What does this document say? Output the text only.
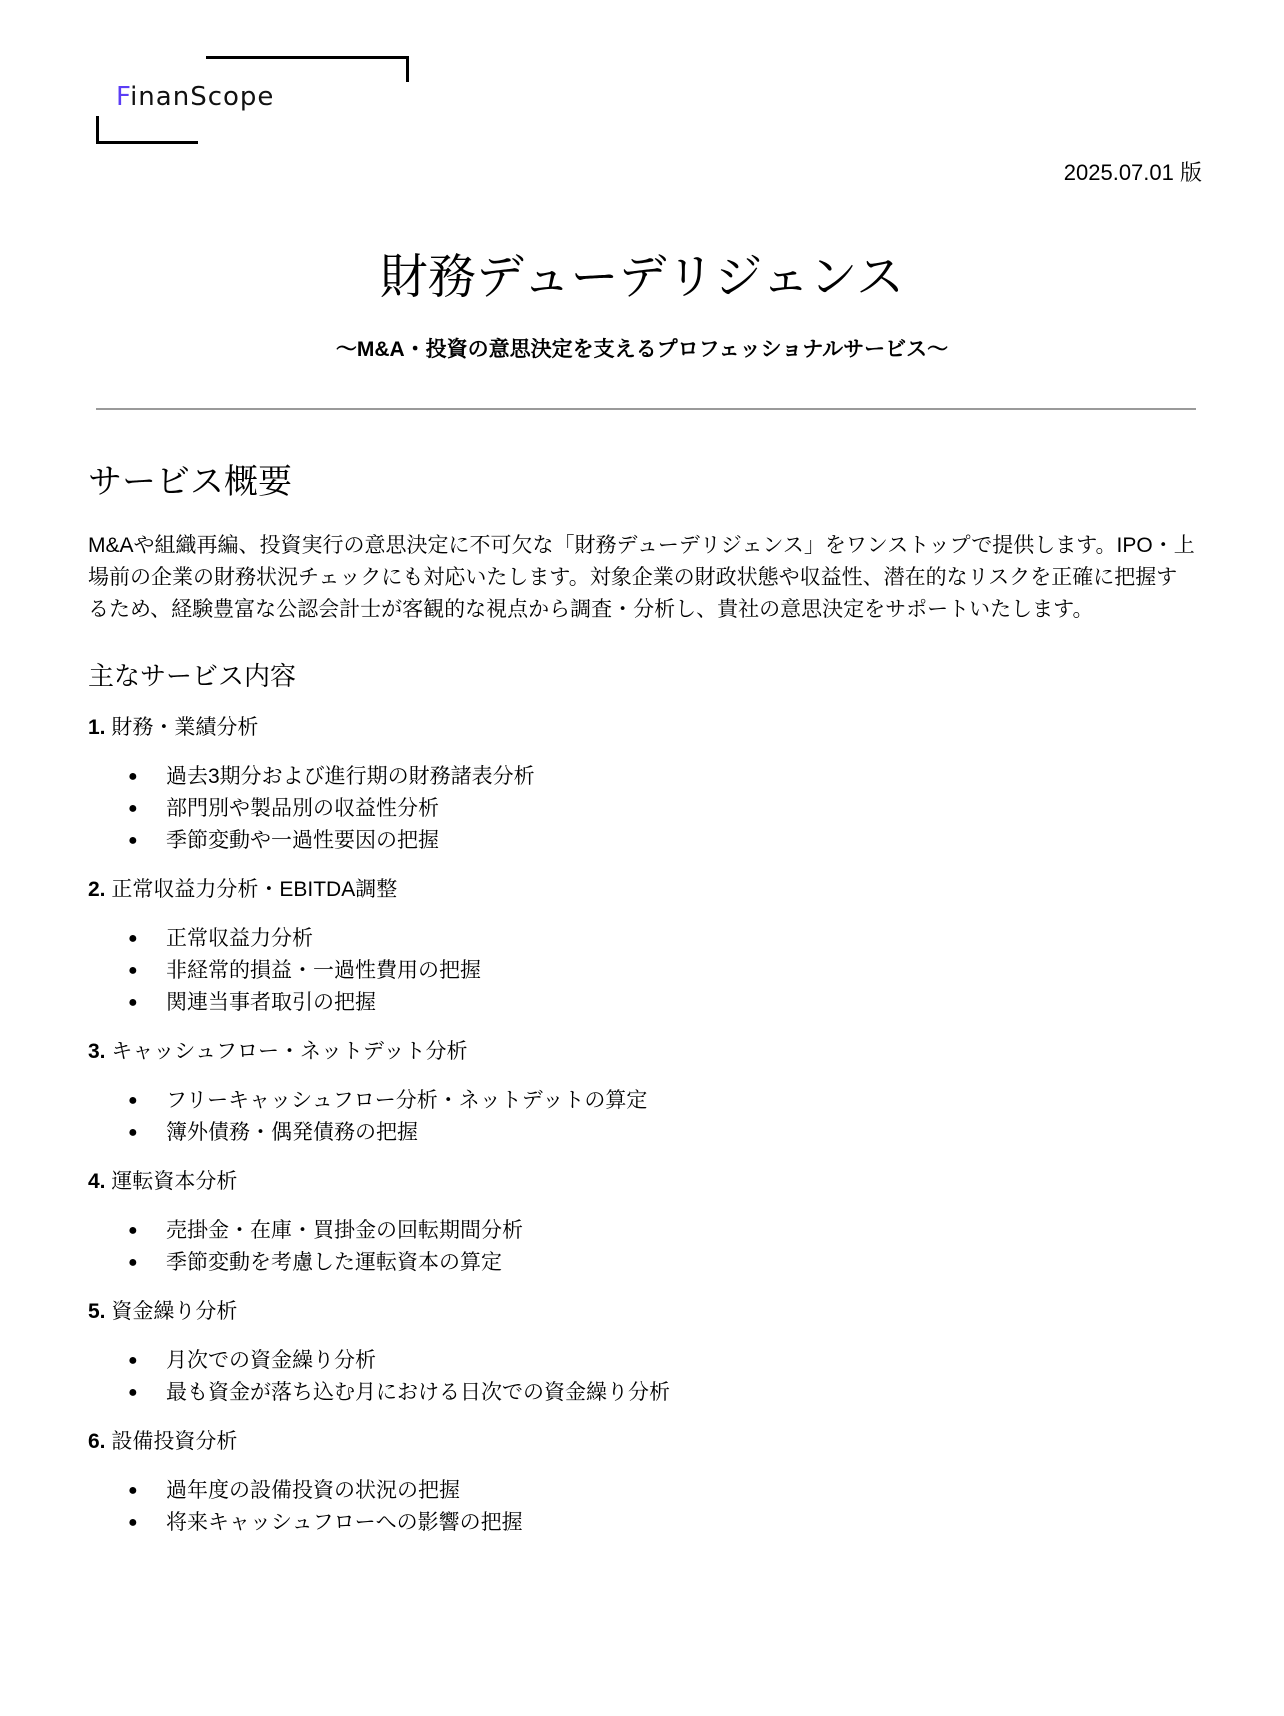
FinanScope
2025.07.01 版
財務デューデリジェンス
〜M&A・投資の意思決定を支えるプロフェッショナルサービス〜
サービス概要

M&Aや組織再編、投資実行の意思決定に不可欠な「財務デューデリジェンス」をワンストップで提供します。IPO・上場前の企業の財務状況チェックにも対応いたします。対象企業の財政状態や収益性、潜在的なリスクを正確に把握するため、経験豊富な公認会計士が客観的な視点から調査・分析し、貴社の意思決定をサポートいたします。

主なサービス内容
1. 財務・業績分析
● 過去3期分および進行期の財務諸表分析
● 部門別や製品別の収益性分析
● 季節変動や一過性要因の把握
2. 正常収益力分析・EBITDA調整
● 正常収益力分析
● 非経常的損益・一過性費用の把握
● 関連当事者取引の把握
3. キャッシュフロー・ネットデット分析
● フリーキャッシュフロー分析・ネットデットの算定
● 簿外債務・偶発債務の把握
4. 運転資本分析
● 売掛金・在庫・買掛金の回転期間分析
● 季節変動を考慮した運転資本の算定
5. 資金繰り分析
● 月次での資金繰り分析
● 最も資金が落ち込む月における日次での資金繰り分析
6. 設備投資分析
● 過年度の設備投資の状況の把握
● 将来キャッシュフローへの影響の把握
